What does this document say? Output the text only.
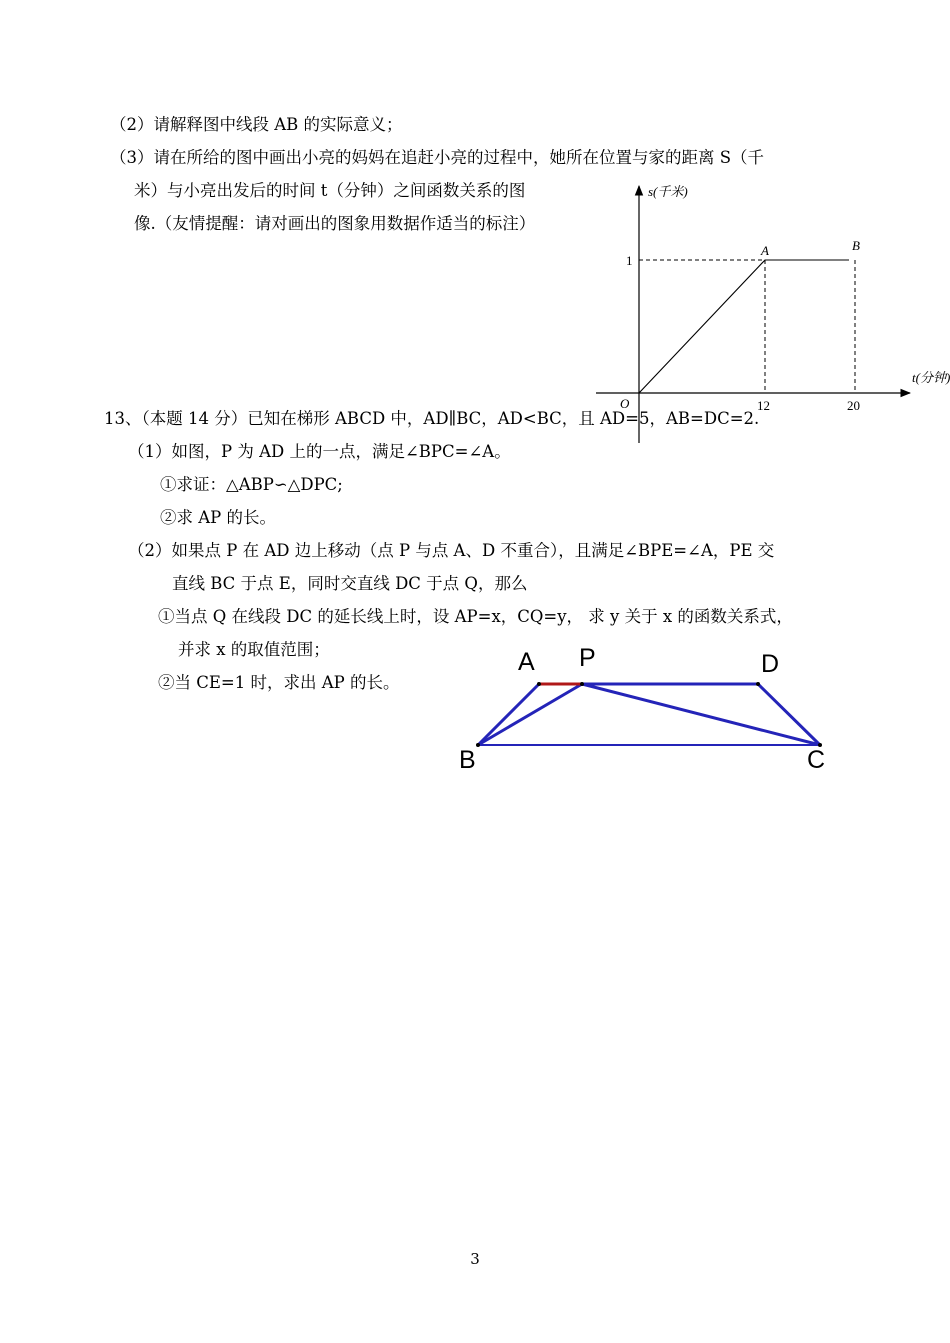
（2）请解释图中线段 AB 的实际意义；
（3）请在所给的图中画出小亮的妈妈在追赶小亮的过程中，她所在位置与家的距离 S（千
米）与小亮出发后的时间 t（分钟）之间函数关系的图
像.（友情提醒：请对画出的图象用数据作适当的标注）
s(千米)
t(分钟)
O
1
12	20
A	B
A P	D
B	C
13、（本题 14 分）已知在梯形 ABCD 中，AD∥BC，AD<BC，且 AD=5，AB=DC=2.
（1）如图，P 为 AD 上的一点，满足∠BPC=∠A。
①求证：△ABP∽△DPC;
②求 AP 的长。
（2）如果点 P 在 AD 边上移动（点 P 与点 A、D 不重合），且满足∠BPE=∠A，PE 交
直线 BC 于点 E，同时交直线 DC 于点 Q，那么
①当点 Q 在线段 DC 的延长线上时，设 AP=x，CQ=y， 求 y 关于 x 的函数关系式，
并求 x 的取值范围；
②当 CE=1 时，求出 AP 的长。
3
